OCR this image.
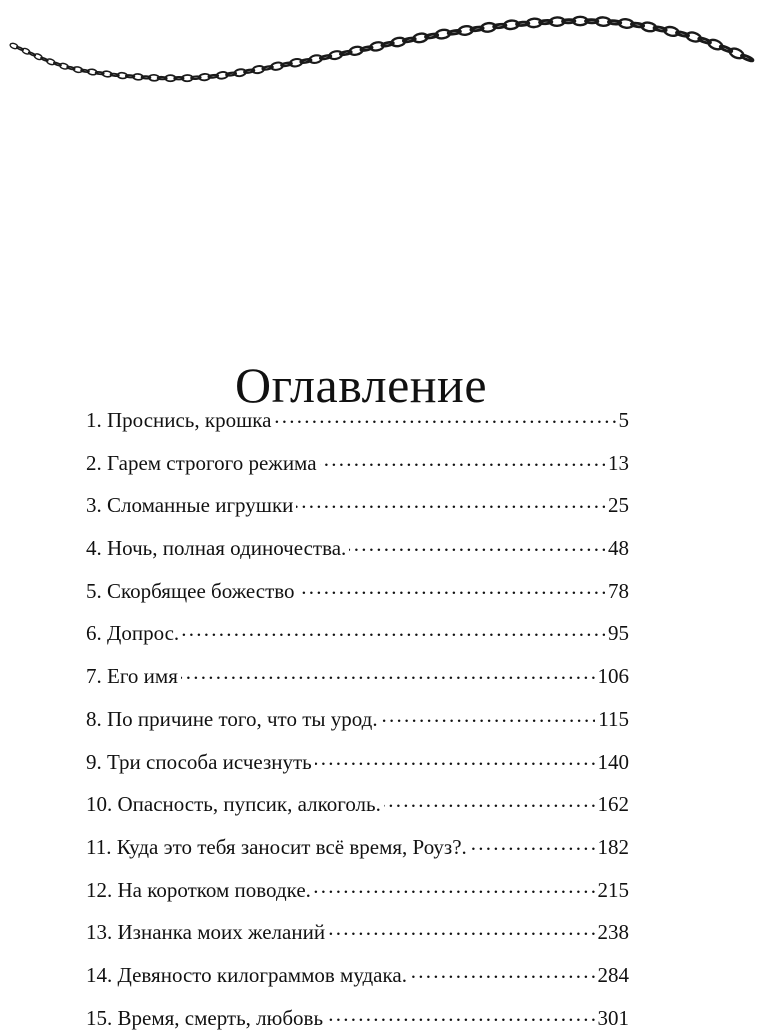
Оглавление
1. Проснись, крошка . . .	5
2. Гарем строгого режима . . .	13
3. Сломанные игрушки . . .	25
4. Ночь, полная одиночества. . . .	48
5. Скорбящее божество . . .	78
6. Допрос. . . .	95
7. Его имя . . .	106
8. По причине того, что ты урод. . . .	115
9. Три способа исчезнуть . . .	140
10. Опасность, пупсик, алкоголь. . . .	162
11. Куда это тебя заносит всё время, Роуз?. . . .	182
12. На коротком поводке. . . .	215
13. Изнанка моих желаний . . .	238
14. Девяносто килограммов мудака. . . .	284
15. Время, смерть, любовь . . .	301
